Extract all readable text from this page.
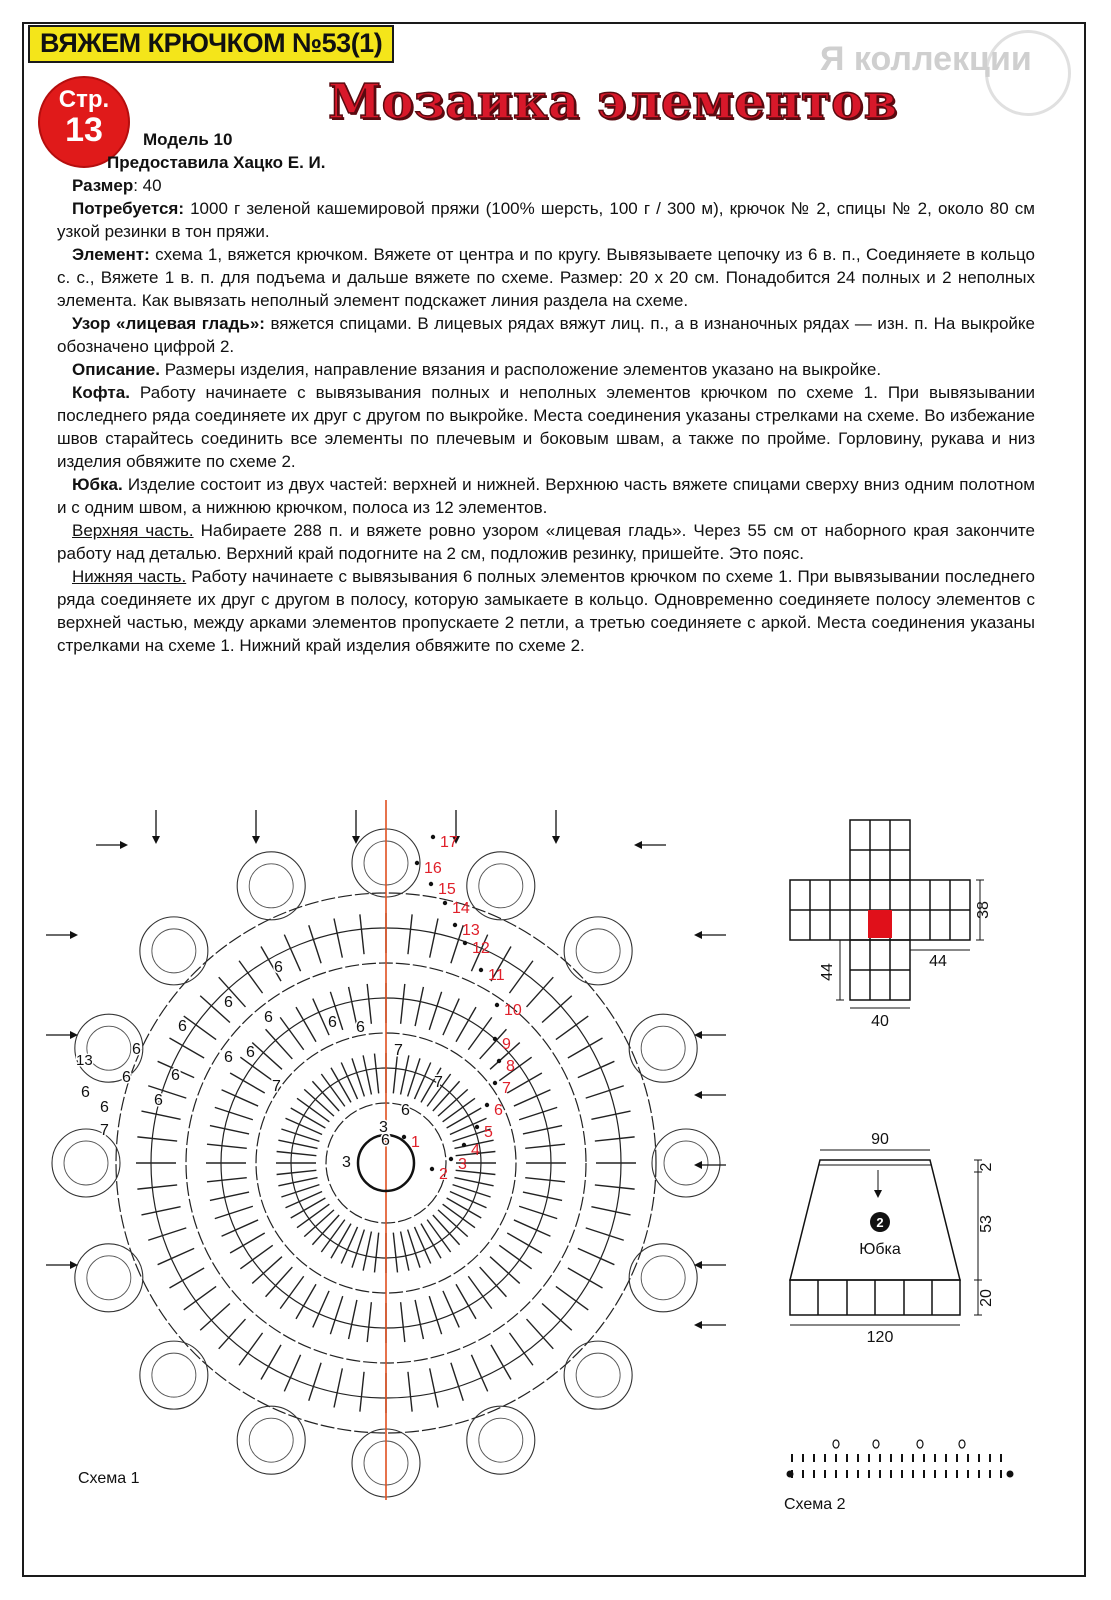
Я коллекции
ВЯЖЕМ КРЮЧКОМ №53(1)
Стр.
13	Мозаика элементов

Модель 10

Предоставила Хацко Е. И.

Размер: 40

Потребуется: 1000 г зеленой кашемировой пряжи (100% шерсть, 100 г / 300 м), крючок № 2, спицы № 2, около 80 см узкой резинки в тон пряжи.

Элемент: схема 1, вяжется крючком. Вяжете от центра и по кругу. Вывязываете цепочку из 6 в. п., Соединяете в кольцо с. с., Вяжете 1 в. п. для подъема и дальше вяжете по схеме. Размер: 20 х 20 см. Понадобится 24 полных и 2 неполных элемента. Как вывязать неполный элемент подскажет линия раздела на схеме.

Узор «лицевая гладь»: вяжется спицами. В лицевых рядах вяжут лиц. п., а в изнаночных рядах — изн. п. На выкройке обозначено цифрой 2.

Описание. Размеры изделия, направление вязания и расположение элементов указано на выкройке.

Кофта. Работу начинаете с вывязывания полных и неполных элементов крючком по схеме 1. При вывязывании последнего ряда соединяете их друг с другом по выкройке. Места соединения указаны стрелками на схеме. Во избежание швов старайтесь соединить все элементы по плечевым и боковым швам, а также по пройме. Горловину, рукава и низ изделия обвяжите по схеме 2.

Юбка. Изделие состоит из двух частей: верхней и нижней. Верхнюю часть вяжете спицами сверху вниз одним полотном и с одним швом, а нижнюю крючком, полоса из 12 элементов.

Верхняя часть. Набираете 288 п. и вяжете ровно узором «лицевая гладь». Через 55 см от наборного края закончите работу над деталью. Верхний край подогните на 2 см, подложив резинку, пришейте. Это пояс.

Нижняя часть. Работу начинаете с вывязывания 6 полных элементов крючком по схеме 1. При вывязывании последнего ряда соединяете их друг с другом в полосу, которую замыкаете в кольцо. Одновременно соединяете полосу элементов с верхней частью, между арками элементов пропускаете 2 петли, а третью соединяете с аркой. Места соединения указаны стрелками на схеме 1. Нижний край изделия обвяжите по схеме 2.

1
2
3
4
5
6
7
8
9
10
11
12
13
14
15
16
17
3
3
6
6
6
6
6
6
6
6
6
6
6
6
6
6
6 6
7
7
7
7
13
Схема 1
38
44
44
40
90
120
2
53
20
2
Юбка
Схема 2
